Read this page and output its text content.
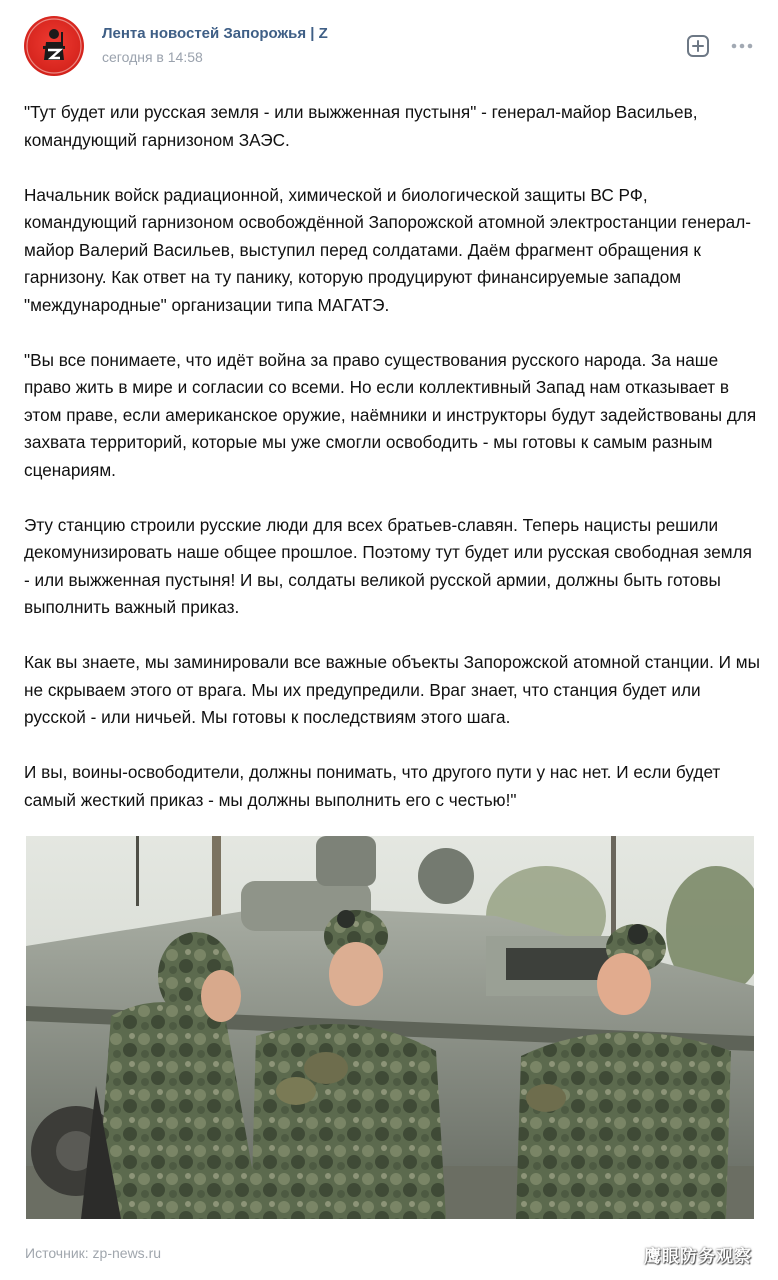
Лента новостей Запорожья | Z
сегодня в 14:58

"Тут будет или русская земля - или выжженная пустыня" - генерал-майор Васильев, командующий гарнизоном ЗАЭС.

Начальник войск радиационной, химической и биологической защиты ВС РФ, командующий гарнизоном освобождённой Запорожской атомной электростанции генерал-майор Валерий Васильев, выступил перед солдатами. Даём фрагмент обращения к гарнизону. Как ответ на ту панику, которую продуцируют финансируемые западом "международные" организации типа МАГАТЭ.

"Вы все понимаете, что идёт война за право существования русского народа. За наше право жить в мире и согласии со всеми. Но если коллективный Запад нам отказывает в этом праве, если американское оружие, наёмники и инструкторы будут задействованы для захвата территорий, которые мы уже смогли освободить - мы готовы к самым разным сценариям.

Эту станцию строили русские люди для всех братьев-славян. Теперь нацисты решили декомунизировать наше общее прошлое. Поэтому тут будет или русская свободная земля - или выжженная пустыня! И вы, солдаты великой русской армии, должны быть готовы выполнить важный приказ.

Как вы знаете, мы заминировали все важные объекты Запорожской атомной станции. И мы не скрываем этого от врага. Мы их предупредили. Враг знает, что станция будет или русской - или ничьей. Мы готовы к последствиям этого шага.

И вы, воины-освободители, должны понимать, что другого пути у нас нет. И если будет самый жесткий приказ - мы должны выполнить его с честью!"

Источник: zp-news.ru	鹰眼防务观察
